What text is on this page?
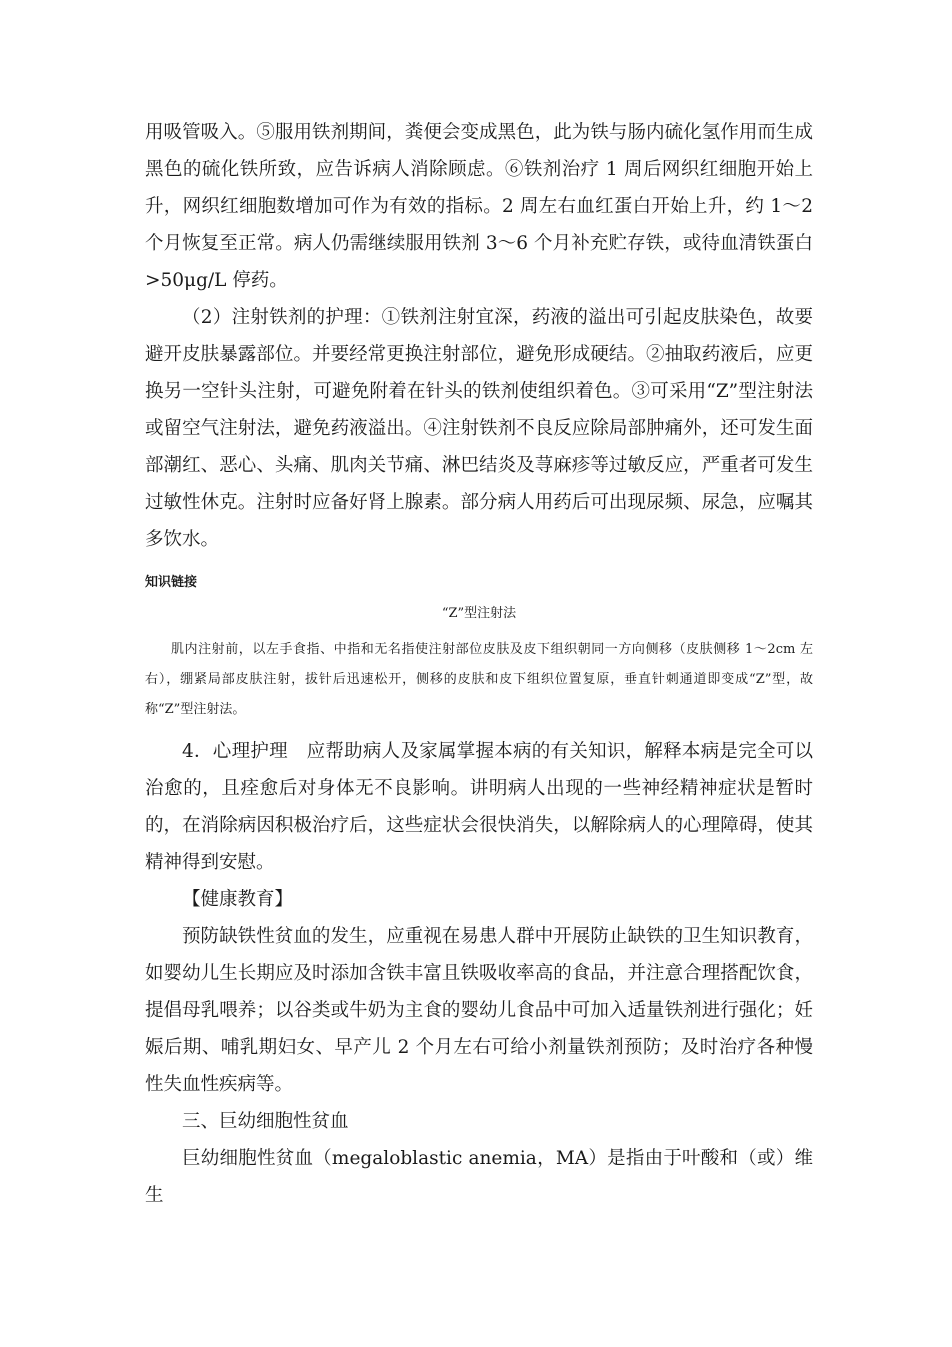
用吸管吸入。⑤服用铁剂期间，粪便会变成黑色，此为铁与肠内硫化氢作用而生成黑色的硫化铁所致，应告诉病人消除顾虑。⑥铁剂治疗 1 周后网织红细胞开始上升，网织红细胞数增加可作为有效的指标。2 周左右血红蛋白开始上升，约 1～2 个月恢复至正常。病人仍需继续服用铁剂 3～6 个月补充贮存铁，或待血清铁蛋白>50μg/L 停药。

（2）注射铁剂的护理：①铁剂注射宜深，药液的溢出可引起皮肤染色，故要避开皮肤暴露部位。并要经常更换注射部位，避免形成硬结。②抽取药液后，应更换另一空针头注射，可避免附着在针头的铁剂使组织着色。③可采用“Z”型注射法或留空气注射法，避免药液溢出。④注射铁剂不良反应除局部肿痛外，还可发生面部潮红、恶心、头痛、肌肉关节痛、淋巴结炎及荨麻疹等过敏反应，严重者可发生过敏性休克。注射时应备好肾上腺素。部分病人用药后可出现尿频、尿急，应嘱其多饮水。

知识链接
“Z”型注射法

肌内注射前，以左手食指、中指和无名指使注射部位皮肤及皮下组织朝同一方向侧移（皮肤侧移 1～2cm 左右），绷紧局部皮肤注射，拔针后迅速松开，侧移的皮肤和皮下组织位置复原，垂直针刺通道即变成“Z”型，故称“Z”型注射法。

4．心理护理　应帮助病人及家属掌握本病的有关知识，解释本病是完全可以治愈的，且痊愈后对身体无不良影响。讲明病人出现的一些神经精神症状是暂时的，在消除病因积极治疗后，这些症状会很快消失，以解除病人的心理障碍，使其精神得到安慰。

【健康教育】

预防缺铁性贫血的发生，应重视在易患人群中开展防止缺铁的卫生知识教育，如婴幼儿生长期应及时添加含铁丰富且铁吸收率高的食品，并注意合理搭配饮食，提倡母乳喂养；以谷类或牛奶为主食的婴幼儿食品中可加入适量铁剂进行强化；妊娠后期、哺乳期妇女、早产儿 2 个月左右可给小剂量铁剂预防；及时治疗各种慢性失血性疾病等。

三、巨幼细胞性贫血

巨幼细胞性贫血（megaloblastic anemia，MA）是指由于叶酸和（或）维生
